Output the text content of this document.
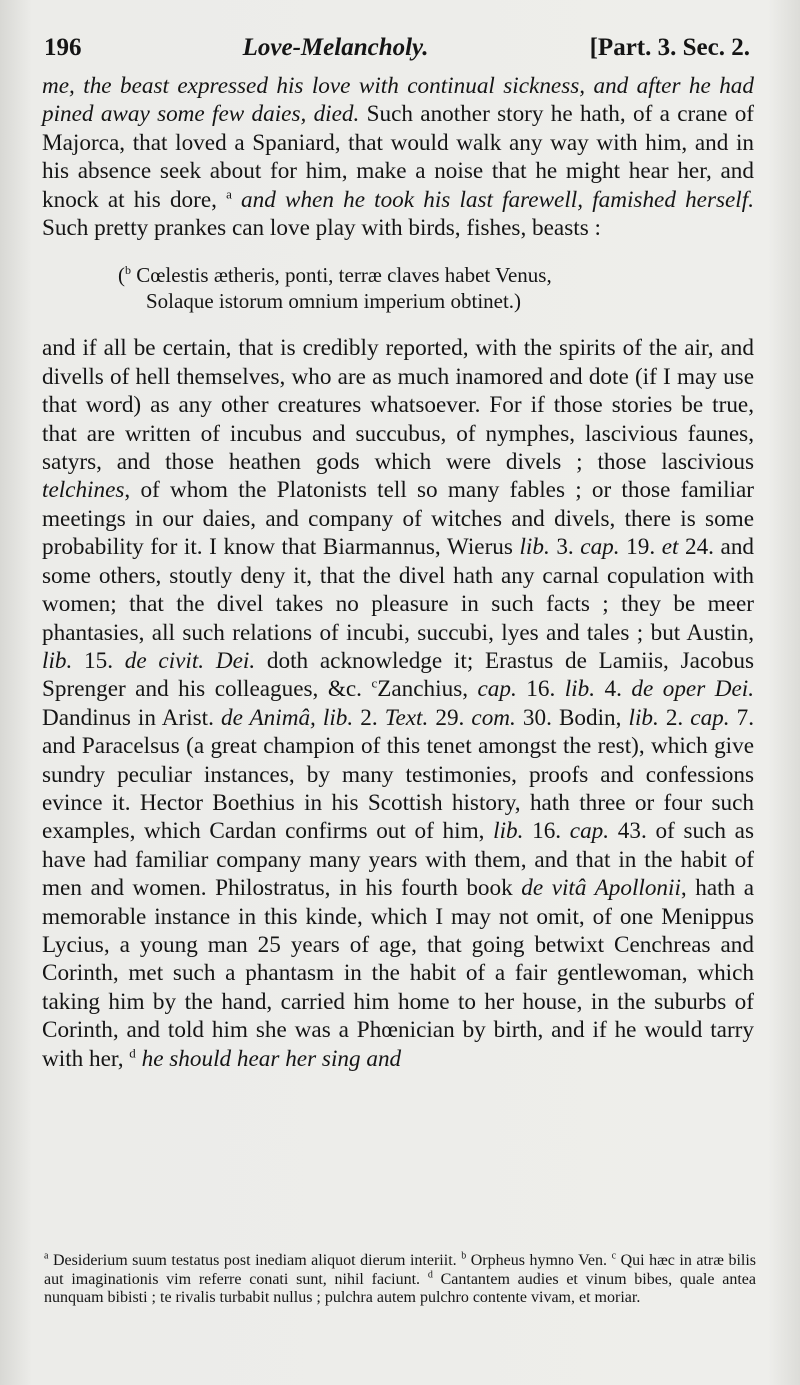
196	Love-Melancholy.	[Part. 3. Sec. 2.

me, the beast expressed his love with continual sickness, and after he had pined away some few daies, died. Such another story he hath, of a crane of Majorca, that loved a Spaniard, that would walk any way with him, and in his absence seek about for him, make a noise that he might hear her, and knock at his dore, $^a$ and when he took his last farewell, famished herself. Such pretty prankes can love play with birds, fishes, beasts :

($^b$ Cœlestis ætheris, ponti, terræ claves habet Venus,
Solaque istorum omnium imperium obtinet.)

and if all be certain, that is credibly reported, with the spirits of the air, and divells of hell themselves, who are as much inamored and dote (if I may use that word) as any other creatures whatsoever. For if those stories be true, that are written of incubus and succubus, of nymphes, lascivious faunes, satyrs, and those heathen gods which were divels ; those lascivious telchines, of whom the Platonists tell so many fables ; or those familiar meetings in our daies, and company of witches and divels, there is some probability for it. I know that Biarmannus, Wierus lib. 3. cap. 19. et 24. and some others, stoutly deny it, that the divel hath any carnal copulation with women; that the divel takes no pleasure in such facts ; they be meer phantasies, all such relations of incubi, succubi, lyes and tales ; but Austin, lib. 15. de civit. Dei. doth acknowledge it; Erastus de Lamiis, Jacobus Sprenger and his colleagues, &c. $^c$Zanchius, cap. 16. lib. 4. de oper Dei. Dandinus in Arist. de Animâ, lib. 2. Text. 29. com. 30. Bodin, lib. 2. cap. 7. and Paracelsus (a great champion of this tenet amongst the rest), which give sundry peculiar instances, by many testimonies, proofs and confessions evince it. Hector Boethius in his Scottish history, hath three or four such examples, which Cardan confirms out of him, lib. 16. cap. 43. of such as have had familiar company many years with them, and that in the habit of men and women. Philostratus, in his fourth book de vitâ Apollonii, hath a memorable instance in this kinde, which I may not omit, of one Menippus Lycius, a young man 25 years of age, that going betwixt Cenchreas and Corinth, met such a phantasm in the habit of a fair gentlewoman, which taking him by the hand, carried him home to her house, in the suburbs of Corinth, and told him she was a Phœnician by birth, and if he would tarry with her, $^d$ he should hear her sing and

$^a$ Desiderium suum testatus post inediam aliquot dierum interiit. $^b$ Orpheus hymno Ven. $^c$ Qui hæc in atræ bilis aut imaginationis vim referre conati sunt, nihil faciunt. $^d$ Cantantem audies et vinum bibes, quale antea nunquam bibisti ; te rivalis turbabit nullus ; pulchra autem pulchro contente vivam, et moriar.
